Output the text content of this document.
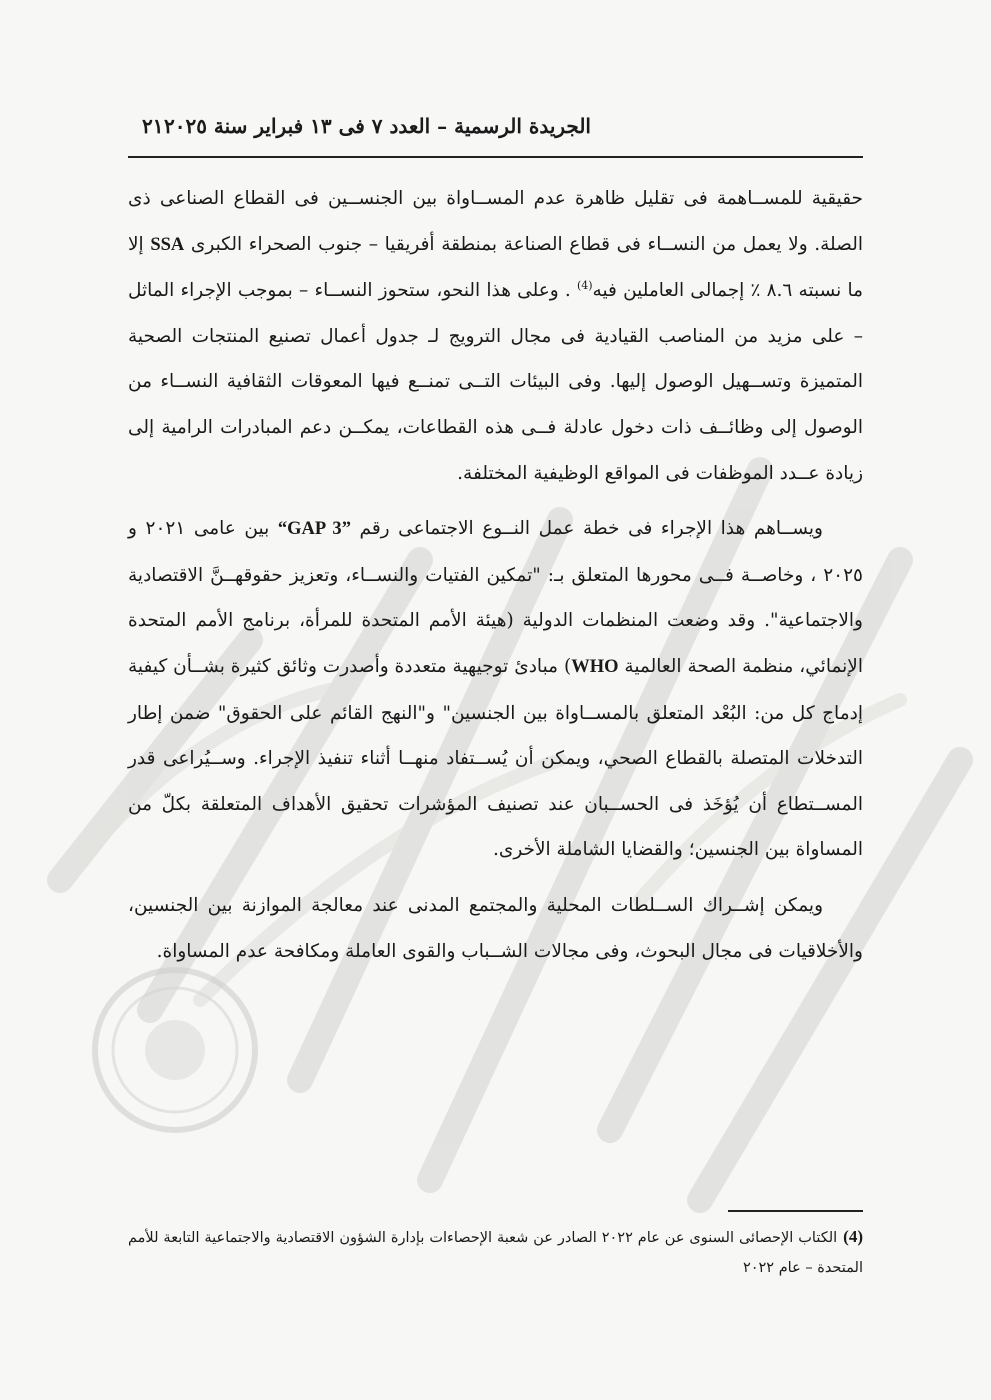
الجريدة الرسمية – العدد ٧ فى ١٣ فبراير سنة ٢٠٢٥
٢١

حقيقية للمســاهمة فى تقليل ظاهرة عدم المســاواة بين الجنســين فى القطاع الصناعى ذى الصلة. ولا يعمل من النســاء فى قطاع الصناعة بمنطقة أفريقيا – جنوب الصحراء الكبرى SSA إلا ما نسبته ٨.٦ ٪ إجمالى العاملين فيه$^{(4)}$ . وعلى هذا النحو، ستحوز النســاء – بموجب الإجراء الماثل – على مزيد من المناصب القيادية فى مجال الترويج لـ جدول أعمال تصنيع المنتجات الصحية المتميزة وتســهيل الوصول إليها. وفى البيئات التــى تمنــع فيها المعوقات الثقافية النســاء من الوصول إلى وظائــف ذات دخول عادلة فــى هذه القطاعات، يمكــن دعم المبادرات الرامية إلى زيادة عــدد الموظفات فى المواقع الوظيفية المختلفة.

ويســاهم هذا الإجراء فى خطة عمل النــوع الاجتماعى رقم ”GAP 3“ بين عامى ٢٠٢١ و ٢٠٢٥ ، وخاصــة فــى محورها المتعلق بـ: "تمكين الفتيات والنســاء، وتعزيز حقوقهــنَّ الاقتصادية والاجتماعية". وقد وضعت المنظمات الدولية (هيئة الأمم المتحدة للمرأة، برنامج الأمم المتحدة الإنمائي، منظمة الصحة العالمية WHO) مبادئ توجيهية متعددة وأصدرت وثائق كثيرة بشــأن كيفية إدماج كل من: البُعْد المتعلق بالمســاواة بين الجنسين" و"النهج القائم على الحقوق" ضمن إطار التدخلات المتصلة بالقطاع الصحي، ويمكن أن يُســتفاد منهــا أثناء تنفيذ الإجراء. وســيُراعى قدر المســتطاع أن يُؤخَذ فى الحســبان عند تصنيف المؤشرات تحقيق الأهداف المتعلقة بكلّ من المساواة بين الجنسين؛ والقضايا الشاملة الأخرى.

ويمكن إشــراك الســلطات المحلية والمجتمع المدنى عند معالجة الموازنة بين الجنسين، والأخلاقيات فى مجال البحوث، وفى مجالات الشــباب والقوى العاملة ومكافحة عدم المساواة.

(4)الكتاب الإحصائى السنوى عن عام ٢٠٢٢ الصادر عن شعبة الإحصاءات بإدارة الشؤون الاقتصادية والاجتماعية التابعة للأمم المتحدة – عام ٢٠٢٢
